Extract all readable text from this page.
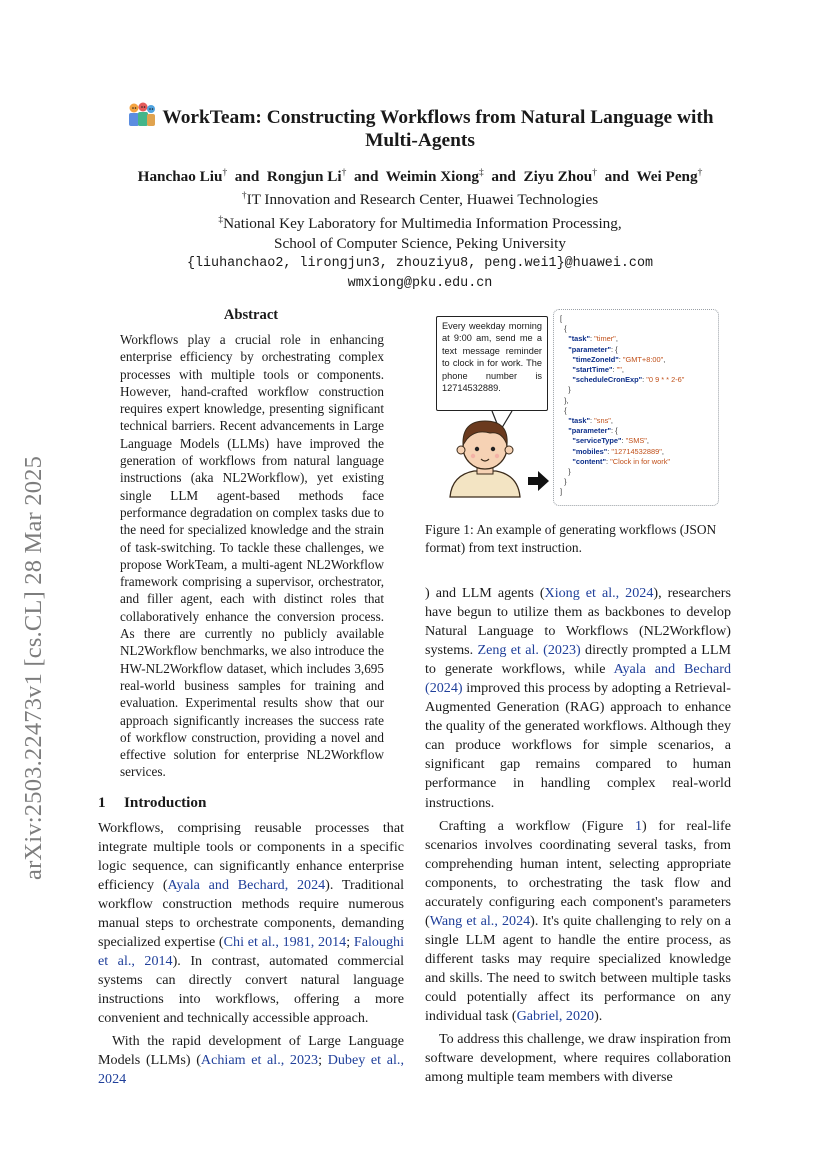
arXiv:2503.22473v1 [cs.CL] 28 Mar 2025
WorkTeam: Constructing Workflows from Natural Language with
Multi-Agents
Hanchao Liu† and Rongjun Li† and Weimin Xiong‡ and Ziyu Zhou† and Wei Peng†
†IT Innovation and Research Center, Huawei Technologies
‡National Key Laboratory for Multimedia Information Processing,
School of Computer Science, Peking University
{liuhanchao2, lirongjun3, zhouziyu8, peng.wei1}@huawei.com
wmxiong@pku.edu.cn
Abstract
Workflows play a crucial role in enhancing enterprise efficiency by orchestrating complex processes with multiple tools or components. However, hand-crafted workflow construction requires expert knowledge, presenting significant technical barriers. Recent advancements in Large Language Models (LLMs) have improved the generation of workflows from natural language instructions (aka NL2Workflow), yet existing single LLM agent-based methods face performance degradation on complex tasks due to the need for specialized knowledge and the strain of task-switching. To tackle these challenges, we propose WorkTeam, a multi-agent NL2Workflow framework comprising a supervisor, orchestrator, and filler agent, each with distinct roles that collaboratively enhance the conversion process. As there are currently no publicly available NL2Workflow benchmarks, we also introduce the HW-NL2Workflow dataset, which includes 3,695 real-world business samples for training and evaluation. Experimental results show that our approach significantly increases the success rate of workflow construction, providing a novel and effective solution for enterprise NL2Workflow services.
1 Introduction
Workflows, comprising reusable processes that integrate multiple tools or components in a specific logic sequence, can significantly enhance enterprise efficiency (Ayala and Bechard, 2024). Traditional workflow construction methods require numerous manual steps to orchestrate components, demanding specialized expertise (Chi et al., 1981, 2014; Faloughi et al., 2014). In contrast, automated commercial systems can directly convert natural language instructions into workflows, offering a more convenient and technically accessible approach.
With the rapid development of Large Language Models (LLMs) (Achiam et al., 2023; Dubey et al., 2024
Every weekday morning at 9:00 am, send me a text message reminder to clock in for work. The phone number is 12714532889.
[
{
"task": "timer",
"parameter": {
"timeZoneId": "GMT+8:00",
"startTime": "",
"scheduleCronExp": "0 9 * * 2-6"
}
},
{
"task": "sns",
"parameter": {
"serviceType": "SMS",
"mobiles": "12714532889",
"content": "Clock in for work"
}
}
]
Figure 1: An example of generating workflows (JSON format) from text instruction.
) and LLM agents (Xiong et al., 2024), researchers have begun to utilize them as backbones to develop Natural Language to Workflows (NL2Workflow) systems. Zeng et al. (2023) directly prompted a LLM to generate workflows, while Ayala and Bechard (2024) improved this process by adopting a Retrieval-Augmented Generation (RAG) approach to enhance the quality of the generated workflows. Although they can produce workflows for simple scenarios, a significant gap remains compared to human performance in handling complex real-world instructions.
Crafting a workflow (Figure 1) for real-life scenarios involves coordinating several tasks, from comprehending human intent, selecting appropriate components, to orchestrating the task flow and accurately configuring each component's parameters (Wang et al., 2024). It's quite challenging to rely on a single LLM agent to handle the entire process, as different tasks may require specialized knowledge and skills. The need to switch between multiple tasks could potentially affect its performance on any individual task (Gabriel, 2020).
To address this challenge, we draw inspiration from software development, where requires collaboration among multiple team members with diverse
